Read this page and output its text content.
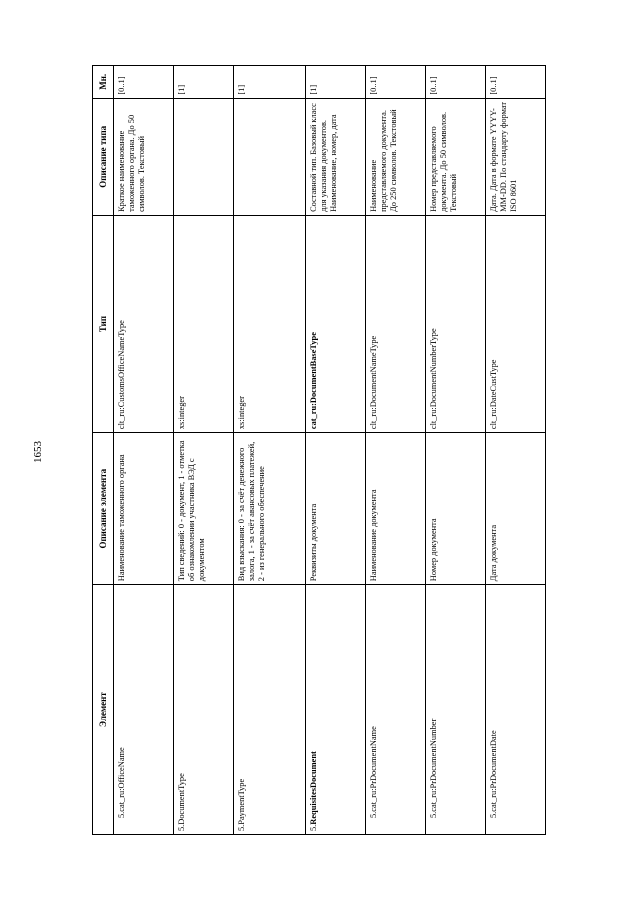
1653
Элемент	Описание элемента	Тип	Описание типа	Мн.
5.cat_ru:OfficeName	Наименование таможенного органа	clt_ru:CustomsOfficeNameType	Краткое наименование таможенного органа. До 50 символов. Текстовый	[0..1]
5.DocumentType	Тип сведений: 0 - документ, 1 - отметка об ознакомлении участника ВЭД с документом	xs:integer		[1]
5.PaymentType	Вид взыскания: 0 - за счёт денежного залога, 1 - за счёт авансовых платежей, 2 - из генерального обеспечение	xs:integer		[1]
5.RequisitesDocument	Реквизиты документа	cat_ru:DocumentBaseType	Составной тип. Базовый класс для указания документов. Наименование, номер, дата	[1]
5.cat_ru:PrDocumentName	Наименование документа	clt_ru:DocumentNameType	Наименование представляемого документа. До 250 символов. Текстовый	[0..1]
5.cat_ru:PrDocumentNumber	Номер документа	clt_ru:DocumentNumberType	Номер представляемого документа. До 50 символов. Текстовый	[0..1]
5.cat_ru:PrDocumentDate	Дата документа	clt_ru:DateCustType	Дата. Дата в формате YYYY-MM-DD. По стандарту формат ISO 8601	[0..1]
